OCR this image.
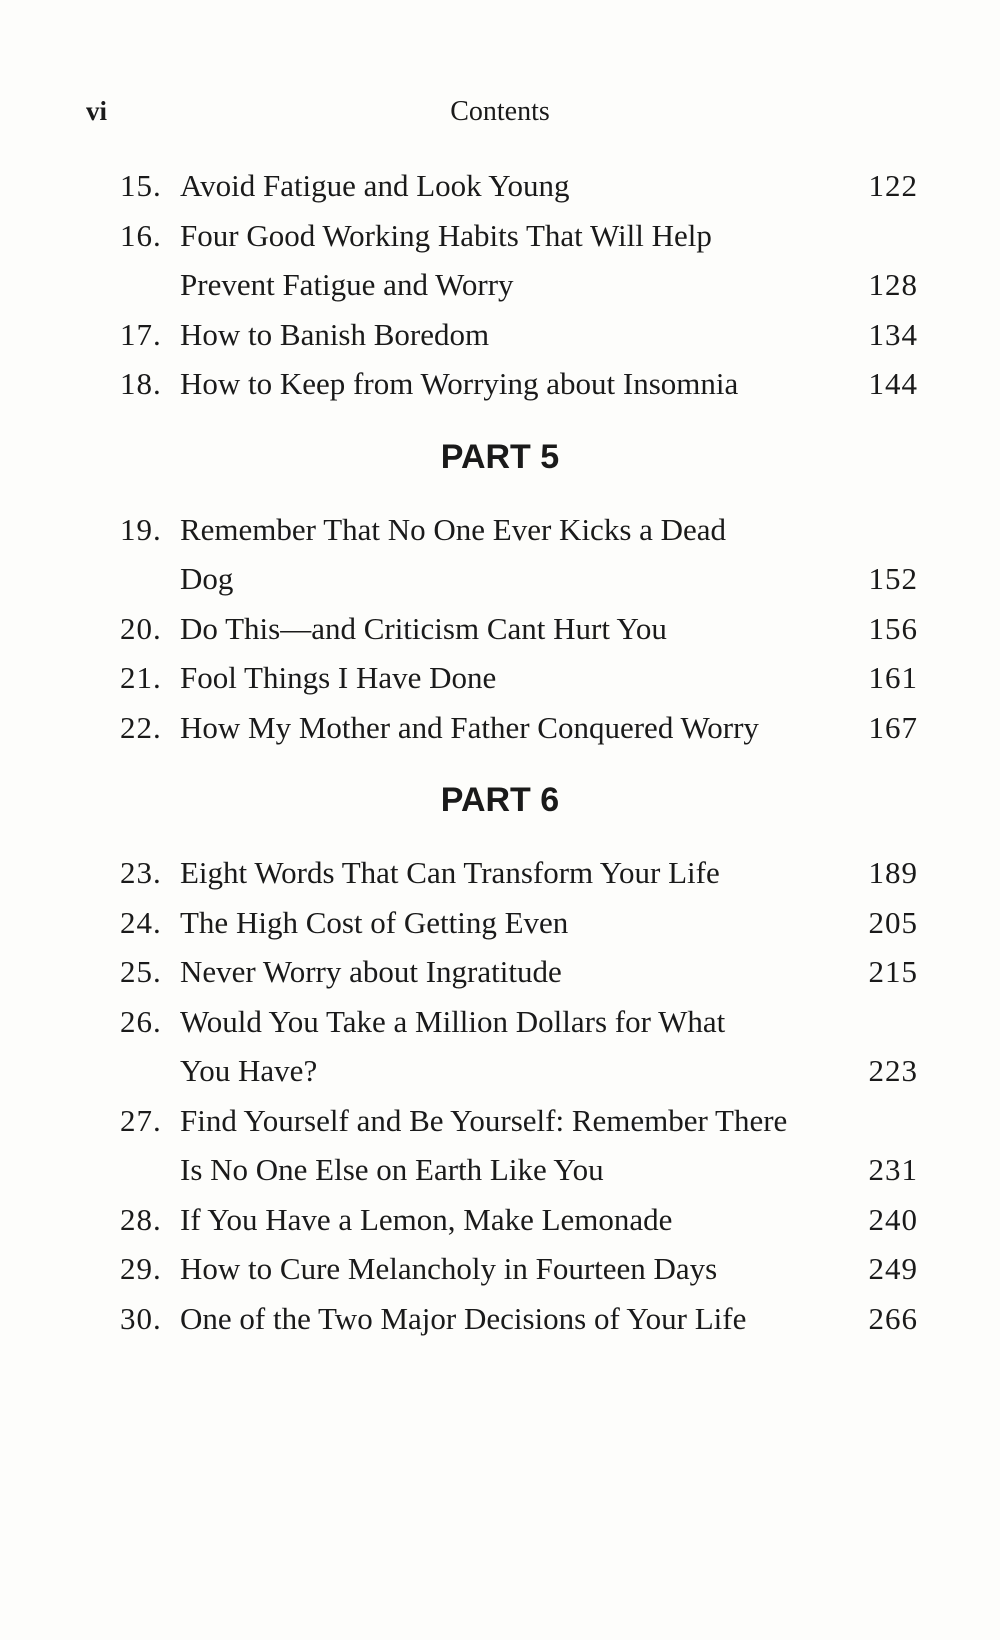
vi	Contents
15. Avoid Fatigue and Look Young	122
16. Four Good Working Habits That Will Help
Prevent Fatigue and Worry	128
17. How to Banish Boredom	134
18. How to Keep from Worrying about Insomnia	144
PART 5
19. Remember That No One Ever Kicks a Dead
Dog	152
20. Do This—and Criticism Cant Hurt You	156
21. Fool Things I Have Done	161
22. How My Mother and Father Conquered Worry	167
PART 6
23. Eight Words That Can Transform Your Life	189
24. The High Cost of Getting Even	205
25. Never Worry about Ingratitude	215
26. Would You Take a Million Dollars for What
You Have?	223
27. Find Yourself and Be Yourself: Remember There
Is No One Else on Earth Like You	231
28. If You Have a Lemon, Make Lemonade	240
29. How to Cure Melancholy in Fourteen Days	249
30. One of the Two Major Decisions of Your Life	266
